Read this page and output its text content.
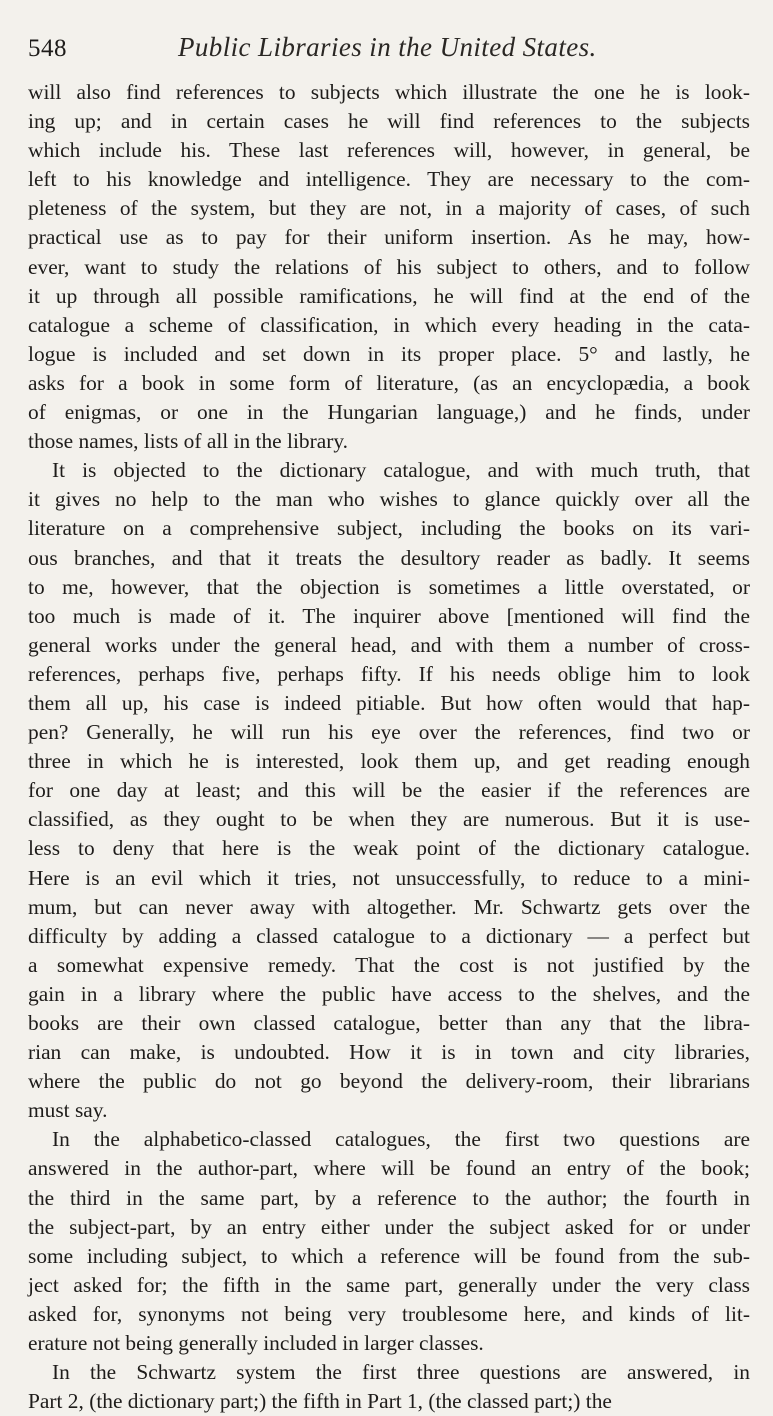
548	Public Libraries in the United States.
will also find references to subjects which illustrate the one he is look-
ing up; and in certain cases he will find references to the subjects
which include his. These last references will, however, in general, be
left to his knowledge and intelligence. They are necessary to the com-
pleteness of the system, but they are not, in a majority of cases, of such
practical use as to pay for their uniform insertion. As he may, how-
ever, want to study the relations of his subject to others, and to follow
it up through all possible ramifications, he will find at the end of the
catalogue a scheme of classification, in which every heading in the cata-
logue is included and set down in its proper place. 5° and lastly, he
asks for a book in some form of literature, (as an encyclopædia, a book
of enigmas, or one in the Hungarian language,) and he finds, under
those names, lists of all in the library.
It is objected to the dictionary catalogue, and with much truth, that
it gives no help to the man who wishes to glance quickly over all the
literature on a comprehensive subject, including the books on its vari-
ous branches, and that it treats the desultory reader as badly. It seems
to me, however, that the objection is sometimes a little overstated, or
too much is made of it. The inquirer above [mentioned will find the
general works under the general head, and with them a number of cross-
references, perhaps five, perhaps fifty. If his needs oblige him to look
them all up, his case is indeed pitiable. But how often would that hap-
pen? Generally, he will run his eye over the references, find two or
three in which he is interested, look them up, and get reading enough
for one day at least; and this will be the easier if the references are
classified, as they ought to be when they are numerous. But it is use-
less to deny that here is the weak point of the dictionary catalogue.
Here is an evil which it tries, not unsuccessfully, to reduce to a mini-
mum, but can never away with altogether. Mr. Schwartz gets over the
difficulty by adding a classed catalogue to a dictionary — a perfect but
a somewhat expensive remedy. That the cost is not justified by the
gain in a library where the public have access to the shelves, and the
books are their own classed catalogue, better than any that the libra-
rian can make, is undoubted. How it is in town and city libraries,
where the public do not go beyond the delivery-room, their librarians
must say.
In the alphabetico-classed catalogues, the first two questions are
answered in the author-part, where will be found an entry of the book;
the third in the same part, by a reference to the author; the fourth in
the subject-part, by an entry either under the subject asked for or under
some including subject, to which a reference will be found from the sub-
ject asked for; the fifth in the same part, generally under the very class
asked for, synonyms not being very troublesome here, and kinds of lit-
erature not being generally included in larger classes.
In the Schwartz system the first three questions are answered, in
Part 2, (the dictionary part;) the fifth in Part 1, (the classed part;) the
